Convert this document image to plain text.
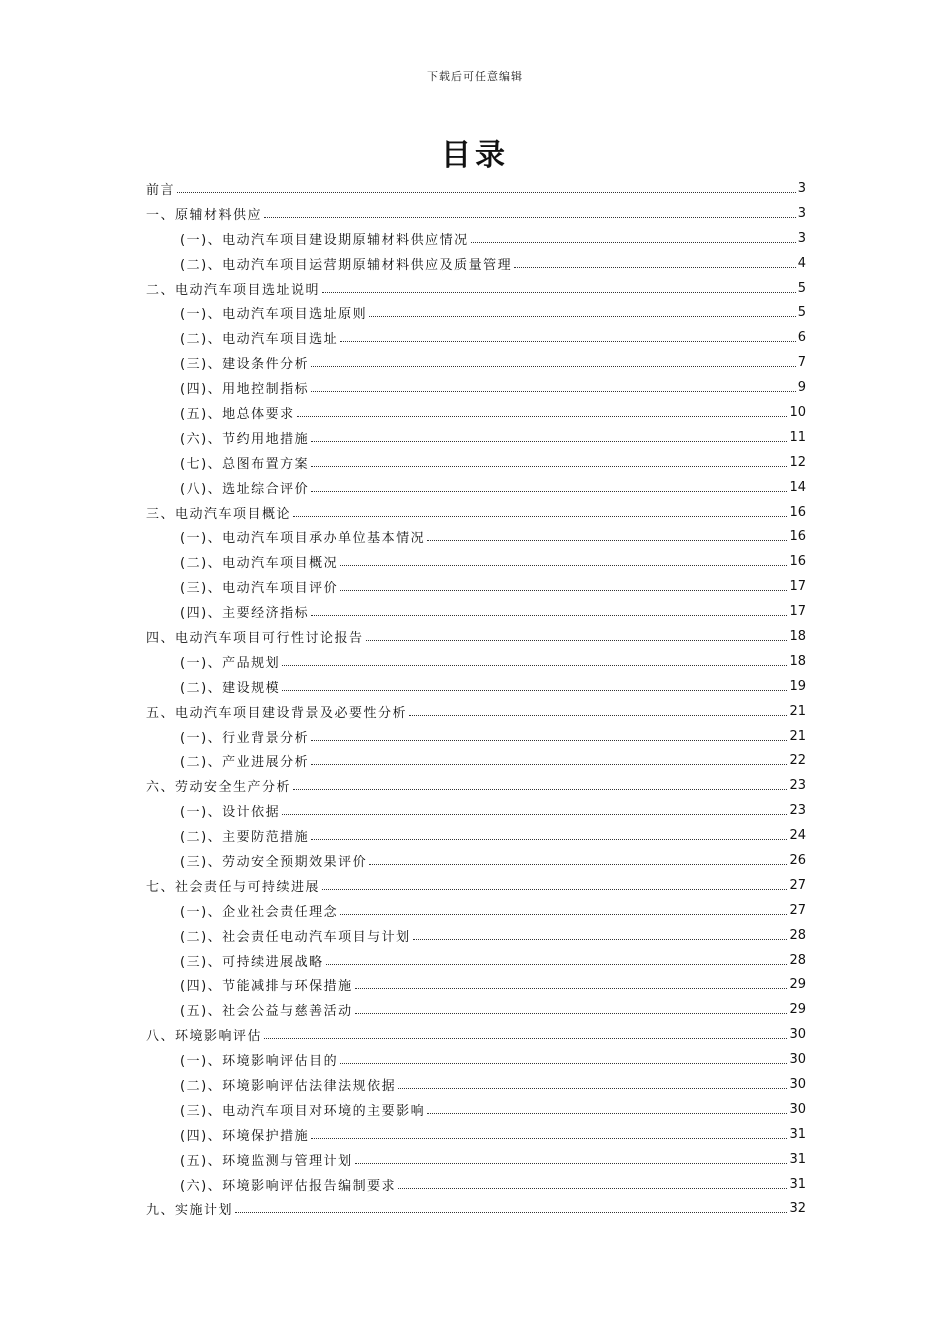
下载后可任意编辑
目录
前言	3
一、原辅材料供应	3
(一)、电动汽车项目建设期原辅材料供应情况	3
(二)、电动汽车项目运营期原辅材料供应及质量管理	4
二、电动汽车项目选址说明	5
(一)、电动汽车项目选址原则	5
(二)、电动汽车项目选址	6
(三)、建设条件分析	7
(四)、用地控制指标	9
(五)、地总体要求	10
(六)、节约用地措施	11
(七)、总图布置方案	12
(八)、选址综合评价	14
三、电动汽车项目概论	16
(一)、电动汽车项目承办单位基本情况	16
(二)、电动汽车项目概况	16
(三)、电动汽车项目评价	17
(四)、主要经济指标	17
四、电动汽车项目可行性讨论报告	18
(一)、产品规划	18
(二)、建设规模	19
五、电动汽车项目建设背景及必要性分析	21
(一)、行业背景分析	21
(二)、产业进展分析	22
六、劳动安全生产分析	23
(一)、设计依据	23
(二)、主要防范措施	24
(三)、劳动安全预期效果评价	26
七、社会责任与可持续进展	27
(一)、企业社会责任理念	27
(二)、社会责任电动汽车项目与计划	28
(三)、可持续进展战略	28
(四)、节能减排与环保措施	29
(五)、社会公益与慈善活动	29
八、环境影响评估	30
(一)、环境影响评估目的	30
(二)、环境影响评估法律法规依据	30
(三)、电动汽车项目对环境的主要影响	30
(四)、环境保护措施	31
(五)、环境监测与管理计划	31
(六)、环境影响评估报告编制要求	31
九、实施计划	32
